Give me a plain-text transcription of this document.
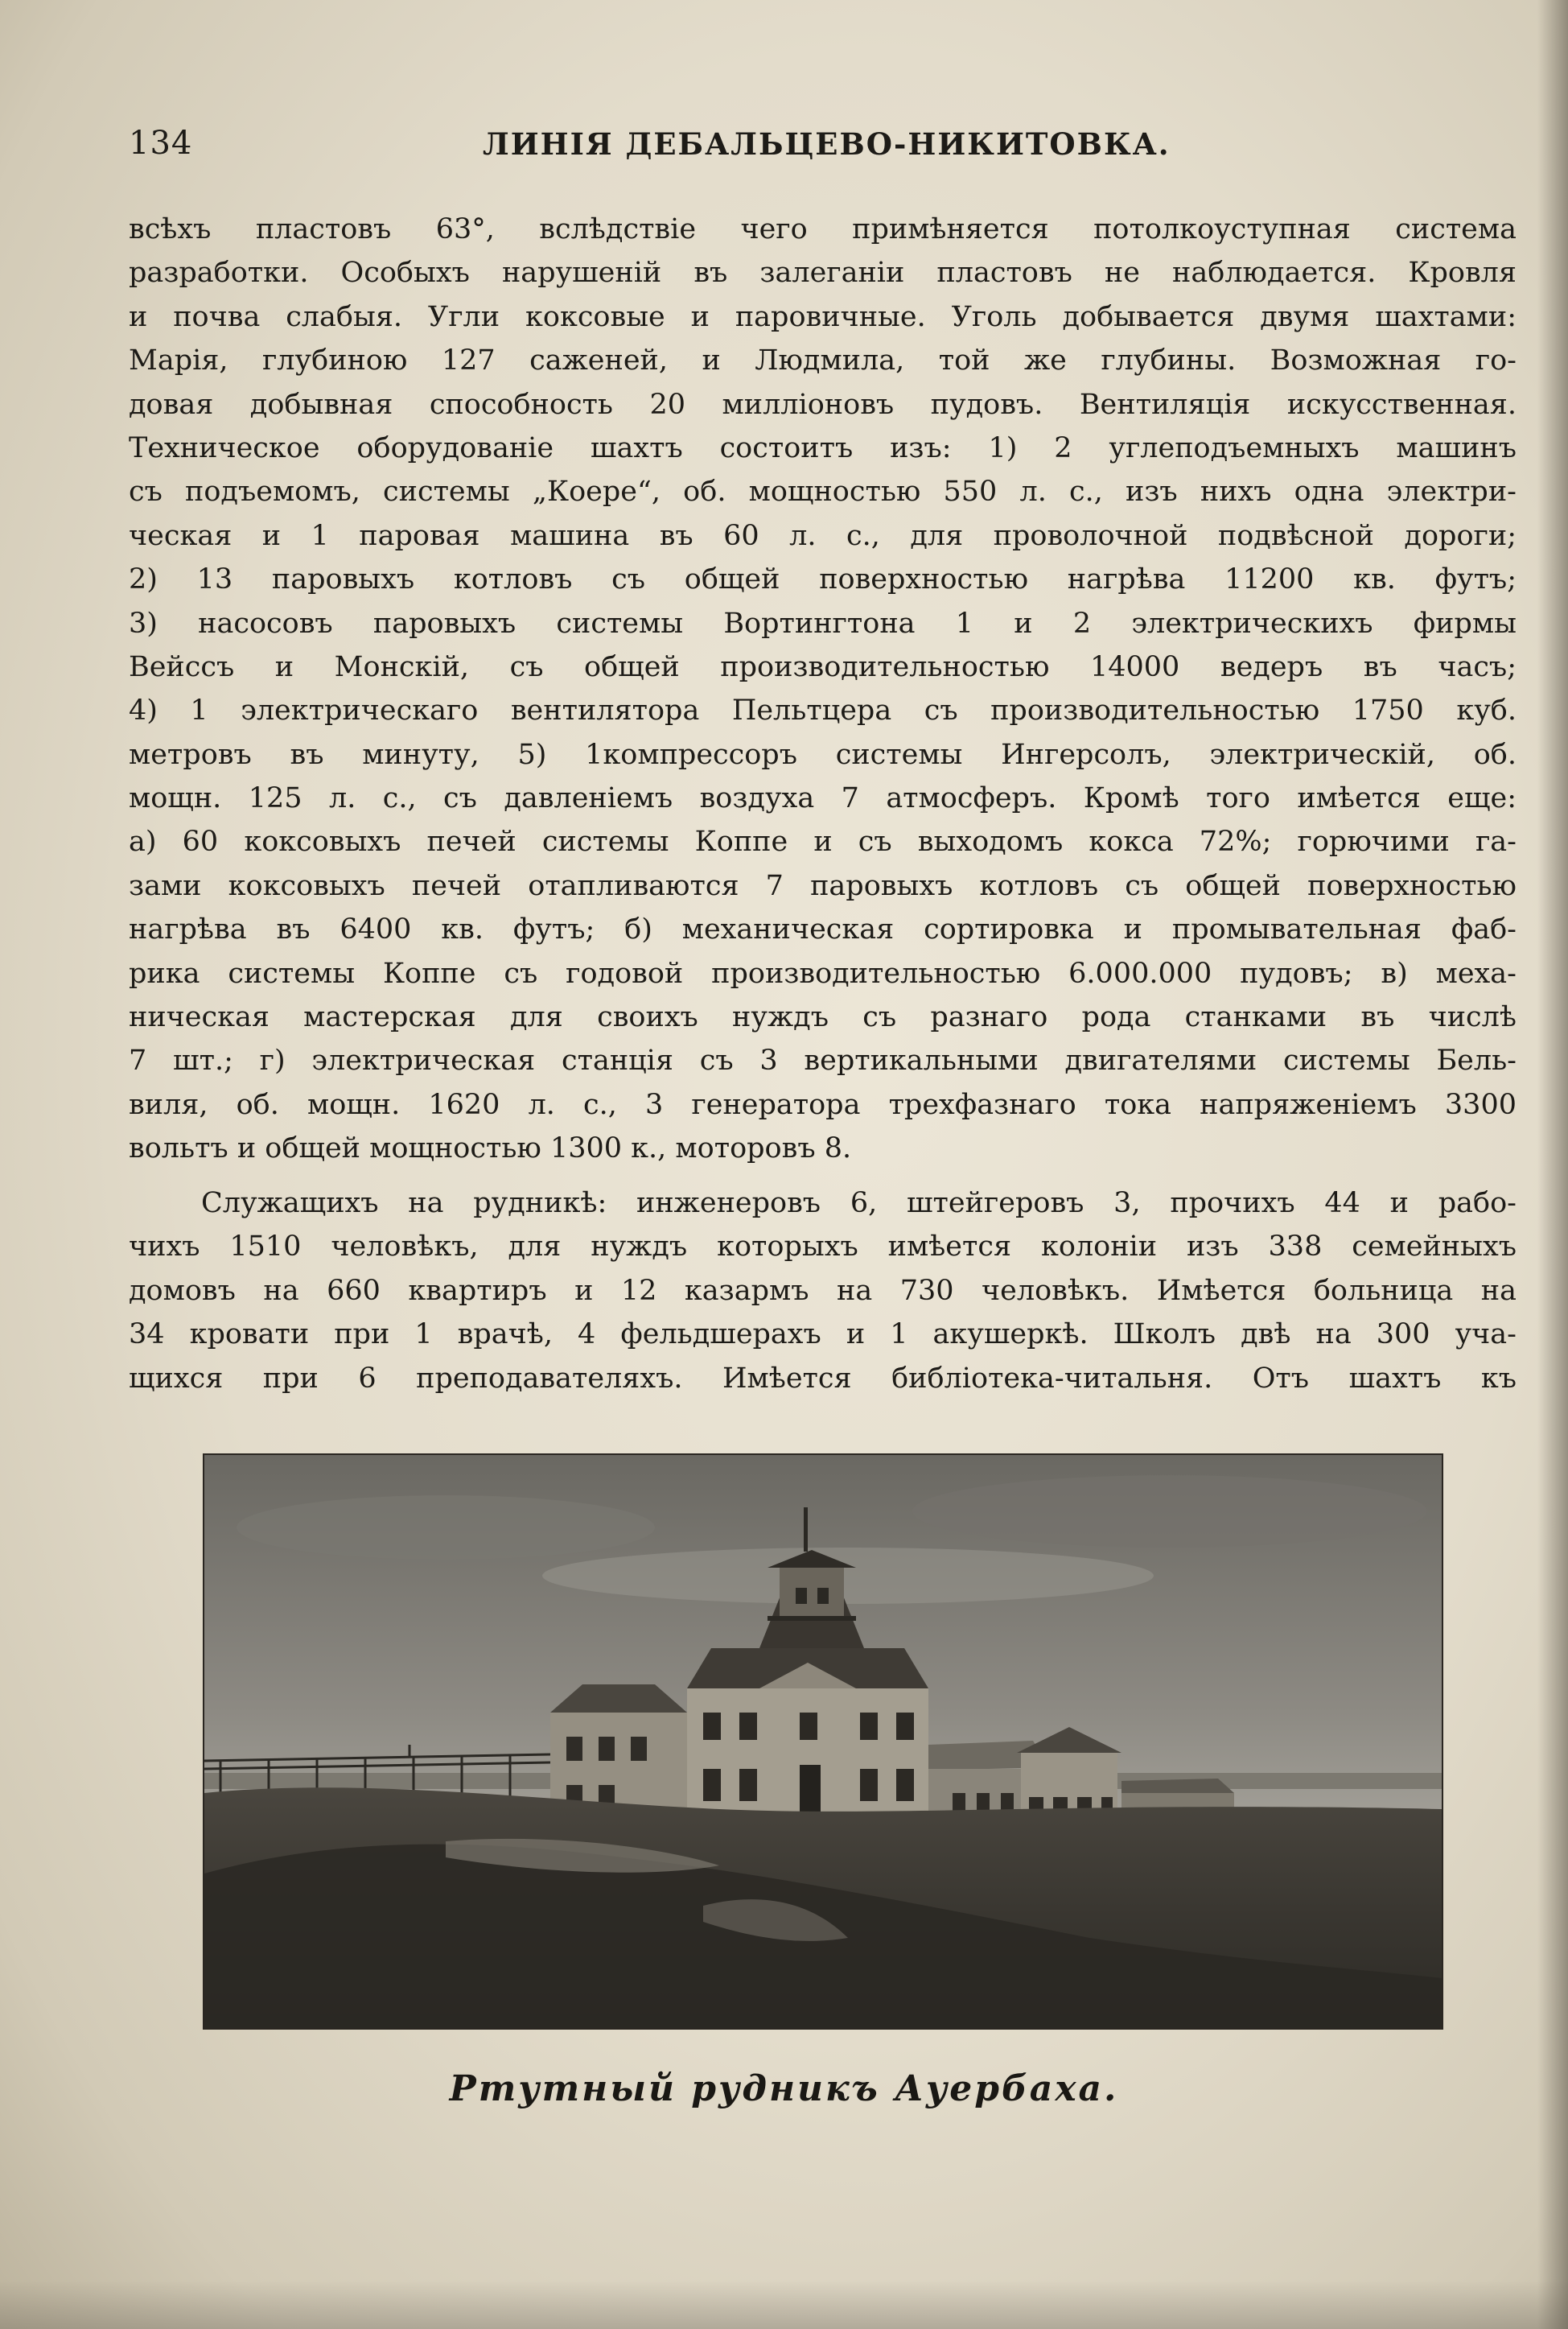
134	ЛИНІЯ ДЕБАЛЬЦЕВО-НИКИТОВКА.
всѣхъ пластовъ 63°, вслѣдствіе чего примѣняется потолкоуступная система
разработки. Особыхъ нарушеній въ залеганіи пластовъ не наблюдается. Кровля
и почва слабыя. Угли коксовые и паровичные. Уголь добывается двумя шахтами:
Марія, глубиною 127 саженей, и Людмила, той же глубины. Возможная го-
довая добывная способность 20 милліоновъ пудовъ. Вентиляція искусственная.
Техническое оборудованіе шахтъ состоитъ изъ: 1) 2 углеподъемныхъ машинъ
съ подъемомъ, системы „Коере“, об. мощностью 550 л. с., изъ нихъ одна электри-
ческая и 1 паровая машина въ 60 л. с., для проволочной подвѣсной дороги;
2) 13 паровыхъ котловъ съ общей поверхностью нагрѣва 11200 кв. футъ;
3) насосовъ паровыхъ системы Вортингтона 1 и 2 электрическихъ фирмы
Вейссъ и Монскій, съ общей производительностью 14000 ведеръ въ часъ;
4) 1 электрическаго вентилятора Пельтцера съ производительностью 1750 куб.
метровъ въ минуту, 5) 1компрессоръ системы Ингерсолъ, электрическій, об.
мощн. 125 л. с., съ давленіемъ воздуха 7 атмосферъ. Кромѣ того имѣется еще:
а) 60 коксовыхъ печей системы Коппе и съ выходомъ кокса 72%; горючими га-
зами коксовыхъ печей отапливаются 7 паровыхъ котловъ съ общей поверхностью
нагрѣва въ 6400 кв. футъ; б) механическая сортировка и промывательная фаб-
рика системы Коппе съ годовой производительностью 6.000.000 пудовъ; в) меха-
ническая мастерская для своихъ нуждъ съ разнаго рода станками въ числѣ
7 шт.; г) электрическая станція съ 3 вертикальными двигателями системы Бель-
виля, об. мощн. 1620 л. с., 3 генератора трехфазнаго тока напряженіемъ 3300
вольтъ и общей мощностью 1300 к., моторовъ 8.
Служащихъ на рудникѣ: инженеровъ 6, штейгеровъ 3, прочихъ 44 и рабо-
чихъ 1510 человѣкъ, для нуждъ которыхъ имѣется колоніи изъ 338 семейныхъ
домовъ на 660 квартиръ и 12 казармъ на 730 человѣкъ. Имѣется больница на
34 кровати при 1 врачѣ, 4 фельдшерахъ и 1 акушеркѣ. Школъ двѣ на 300 уча-
щихся при 6 преподавателяхъ. Имѣется библіотека-читальня. Отъ шахтъ къ
Ртутный рудникъ Ауербаха.
